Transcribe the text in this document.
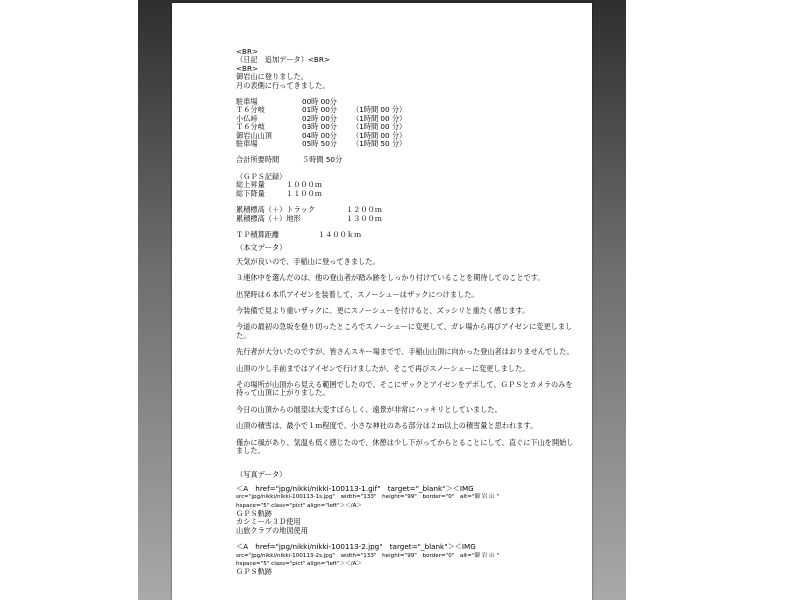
<BR>
（日記　追加データ）<BR>
<BR>
御岩山に登りました。
月の表側に行ってきました。
駐車場	00時 00分	
Ｔ６分岐	01時 00分	（1時間 00 分）
小仏峠	02時 00分	（1時間 00 分）
Ｔ６分岐	03時 00分	（1時間 00 分）
御岩山山頂	04時 00分	（1時間 00 分）
駐車場	05時 50分	（1時間 50 分）
合計所要時間	５時間 50分
（ＧＰＳ記録）
総上昇量	１０００ｍ
総下降量	１１００ｍ
累積標高（＋）トラック	１２００ｍ
累積標高（＋）地形	１３００ｍ
ＴＰ積算距離	１４００ｋｍ
（本文データ）

天気が良いので、手稲山に登ってきました。

３連休中を選んだのは、他の登山者が踏み跡をしっかり付けていることを期待してのことです。

出発時は６本爪アイゼンを装着して、スノーシューはザックにつけました。

今装備で見より重いザックに、更にスノーシューを付けると、ズッシリと重たく感じます。

今道の最初の急坂を登り切ったところでスノーシューに変更して、ガレ場から再びアイゼンに変更しました。

先行者が大分いたのですが、皆さんスキー場までで、手稲山山頂に向かった登山者はおりませんでした。

山頂の少し手前まではアイゼンで行けましたが、そこで再びスノーシューに変更しました。

その場所が山頂から見える範囲でしたので、そこにザックとアイゼンをデポして、ＧＰＳとカメラのみを持って山頂に上がりました。

今日の山頂からの展望は大変すばらしく、遠景が非常にハッキリとしていました。

山頂の積雪は、最小で１ｍ程度で、小さな神社のある部分は２ｍ以上の積雪量と思われます。

僅かに風があり、気温も低く感じたので、休憩は少し下がってからとることにして、直ぐに下山を開始しました。

（写真データ）
＜A　href="jpg/nikki/nikki-100113-1.gif"　target="_blank"＞＜IMG
src="jpg/nikki/nikki-100113-1s.jpg"　width="133"　height="99"　border="0"　alt="御 岩 山 "
hspace="5" class="pict" align="left"＞＜/A＞
ＧＰＳ軌跡
カシミール３Ｄ使用
山旅クラブの地図使用
＜A　href="jpg/nikki/nikki-100113-2.jpg"　target="_blank"＞＜IMG
src="jpg/nikki/nikki-100113-2s.jpg"　width="133"　height="99"　border="0"　alt="御 岩 山 "
hspace="5" class="pict" align="left"＞＜/A＞
ＧＰＳ軌跡
